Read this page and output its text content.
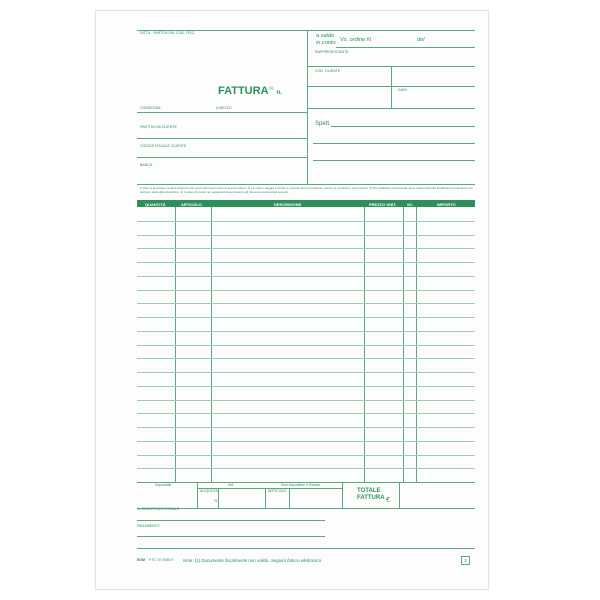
DITTA · PARTITA IVA, COD. FISC.	a saldo
in conto Vs. ordine N.	del
RAPPRESENTANTE
COD. CLIENTE
DATA
FATTURA$^{(1)}$ n.
Spett.
CONSEGNA	A MEZZO
PARTITA IVA CLIENTE
CODICE FISCALE CLIENTE
BANCA
1) Non si accettano reclami trascorsi otto giorni dal ricevimento di questa fattura. 2) La merce viaggia a rischio e pericolo del Committente, anche se venduta in porto franco. 3) Per qualsiasi controversia viene eletta l'Autorità Giudiziaria competente nel territorio della ditta Venditrice. 4) In caso di ritardo nei pagamenti decorreranno gli interessi commerciali correnti.
QUANTITÀ	ARTICOLO	DESCRIZIONE	PREZZO UNIT.	SC.	IMPORTO
Imponibile
ALIQUOTA
%
IVA
ARTICOLO
Non Imponibile o Esente
TOTALE
FATTURA €
N. SCONTRINO FISCALE
PAGAMENTO
EDM FTC / E 5055 K Note: (1) Documento fiscalmente non valido. Seguirà fattura elettronica	2
